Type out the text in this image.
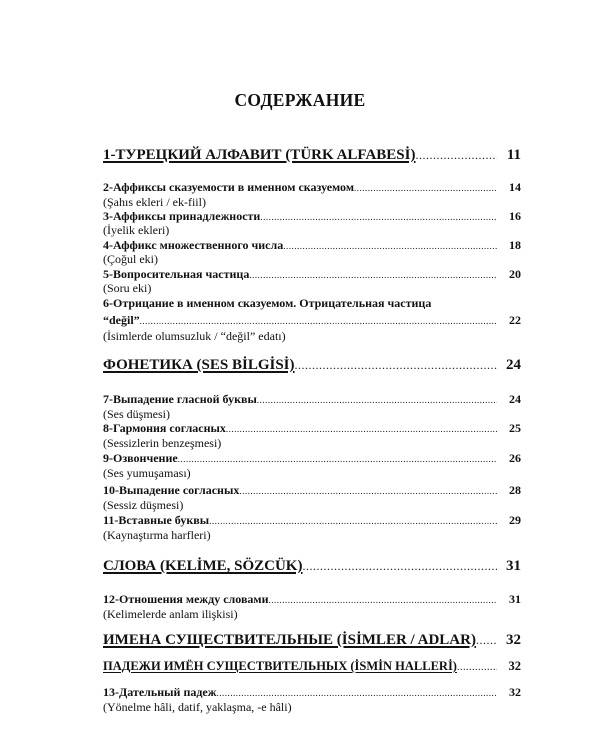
СОДЕРЖАНИЕ
1-ТУРЕЦКИЙ АЛФАВИТ (TÜRK ALFABESİ) .....	11
2-Аффиксы сказуемости в именном сказуемом .....	14
(Şahıs ekleri / ek-fiil)
3-Аффиксы принадлежности .....	16
(İyelik ekleri)
4-Аффикс множественного числа .....	18
(Çoğul eki)
5-Вопросительная частица .....	20
(Soru eki)
6-Отрицание в именном сказуемом. Отрицательная частица
“değil” .....	22
(İsimlerde olumsuzluk / “değil” edatı)
ФОНЕТИКА (SES BİLGİSİ) .....	24
7-Выпадение гласной буквы .....	24
(Ses düşmesi)
8-Гармония согласных .....	25
(Sessizlerin benzeşmesi)
9-Озвончение .....	26
(Ses yumuşaması)
10-Выпадение согласных .....	28
(Sessiz düşmesi)
11-Вставные буквы .....	29
(Kaynaştırma harfleri)
СЛОВА (KELİME, SÖZCÜK) .....	31
12-Отношения между словами .....	31
(Kelimelerde anlam ilişkisi)
ИМЕНА СУЩЕСТВИТЕЛЬНЫЕ (İSİMLER / ADLAR) .....	32
ПАДЕЖИ ИМЁН СУЩЕСТВИТЕЛЬНЫХ (İSMİN HALLERİ) .....	32
13-Дательный падеж .....	32
(Yönelme hâli, datif, yaklaşma, -e hâli)
